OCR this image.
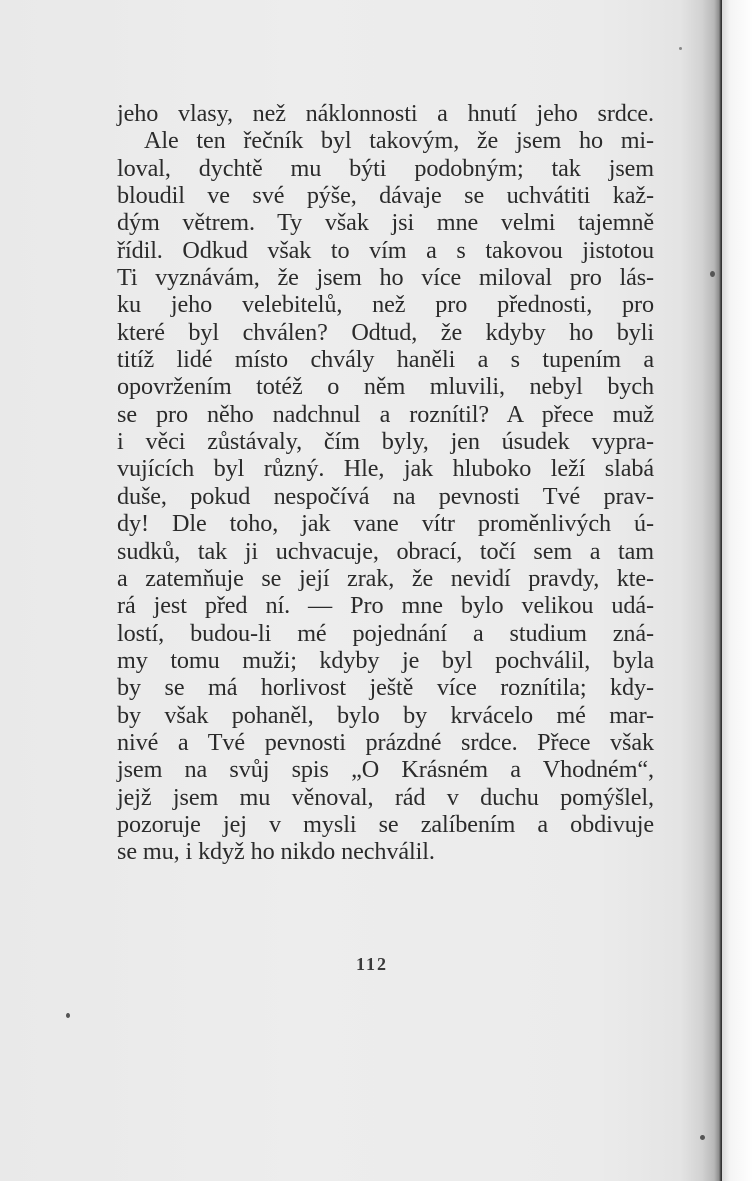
jeho vlasy, než náklonnosti a hnutí jeho srdce.
Ale ten řečník byl takovým, že jsem ho mi-
loval, dychtě mu býti podobným; tak jsem
bloudil ve své pýše, dávaje se uchvátiti kaž-
dým větrem. Ty však jsi mne velmi tajemně
řídil. Odkud však to vím a s takovou jistotou
Ti vyznávám, že jsem ho více miloval pro lás-
ku jeho velebitelů, než pro přednosti, pro
které byl chválen? Odtud, že kdyby ho byli
titíž lidé místo chvály haněli a s tupením a
opovržením totéž o něm mluvili, nebyl bych
se pro něho nadchnul a roznítil? A přece muž
i věci zůstávaly, čím byly, jen úsudek vypra-
vujících byl různý. Hle, jak hluboko leží slabá
duše, pokud nespočívá na pevnosti Tvé prav-
dy! Dle toho, jak vane vítr proměnlivých ú-
sudků, tak ji uchvacuje, obrací, točí sem a tam
a zatemňuje se její zrak, že nevidí pravdy, kte-
rá jest před ní. — Pro mne bylo velikou udá-
lostí, budou-li mé pojednání a studium zná-
my tomu muži; kdyby je byl pochválil, byla
by se má horlivost ještě více roznítila; kdy-
by však pohaněl, bylo by krvácelo mé mar-
nivé a Tvé pevnosti prázdné srdce. Přece však
jsem na svůj spis „O Krásném a Vhodném“,
jejž jsem mu věnoval, rád v duchu pomýšlel,
pozoruje jej v mysli se zalíbením a obdivuje
se mu, i když ho nikdo nechválil.
112
